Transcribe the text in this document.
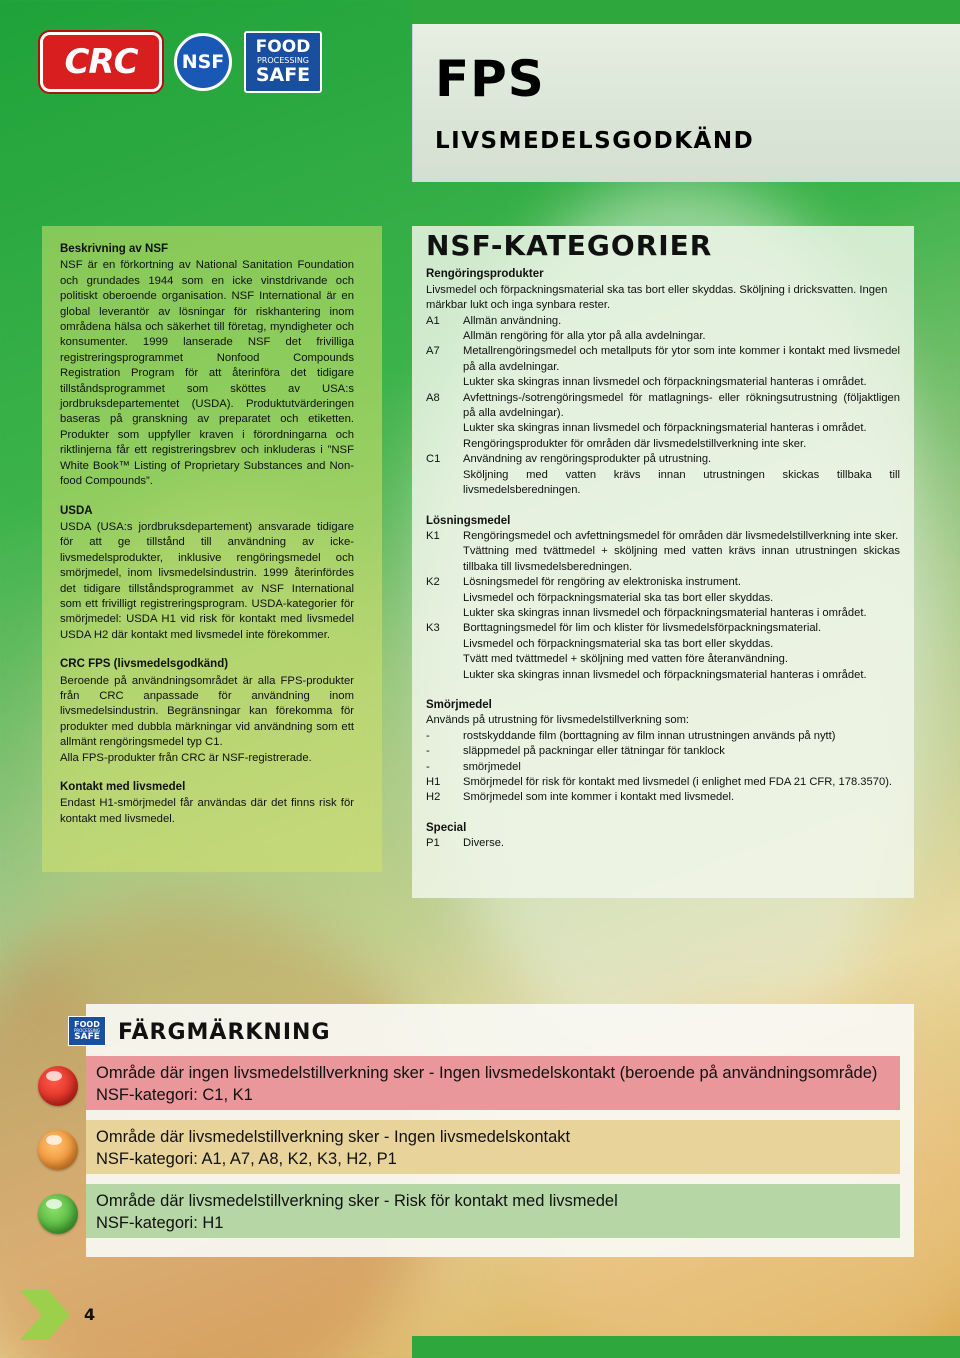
CRC	NSF
FOOD
PROCESSING
SAFE FPS
LIVSMEDELSGODKÄND
Beskrivning av NSF

NSF är en förkortning av National Sanitation Foundation och grundades 1944 som en icke vinstdrivande och politiskt oberoende organisation. NSF International är en global leverantör av lösningar för riskhantering inom områdena hälsa och säkerhet till företag, myndigheter och konsumenter. 1999 lanserade NSF det frivilliga registreringsprogrammet Nonfood Compounds Registration Program för att återinföra det tidigare tillståndsprogrammet som sköttes av USA:s jordbruksdepartementet (USDA). Produktutvärderingen baseras på granskning av preparatet och etiketten. Produkter som uppfyller kraven i förordningarna och riktlinjerna får ett registreringsbrev och inkluderas i ”NSF White Book™ Listing of Proprietary Substances and Non-food Compounds”.

USDA

USDA (USA:s jordbruksdepartement) ansvarade tidigare för att ge tillstånd till användning av icke-livsmedelsprodukter, inklusive rengöringsmedel och smörjmedel, inom livsmedelsindustrin. 1999 återinfördes det tidigare tillståndsprogrammet av NSF International som ett frivilligt registreringsprogram. USDA-kategorier för smörjmedel: USDA H1 vid risk för kontakt med livsmedel USDA H2 där kontakt med livsmedel inte förekommer.

CRC FPS (livsmedelsgodkänd)

Beroende på användningsområdet är alla FPS-produkter från CRC anpassade för användning inom livsmedelsindustrin. Begränsningar kan förekomma för produkter med dubbla märkningar vid användning som ett allmänt rengöringsmedel typ C1.

Alla FPS-produkter från CRC är NSF-registrerade.

Kontakt med livsmedel

Endast H1-smörjmedel får användas där det finns risk för kontakt med livsmedel.

NSF-KATEGORIER
Rengöringsprodukter
Livsmedel och förpackningsmaterial ska tas bort eller skyddas. Sköljning i dricksvatten. Ingen märkbar lukt och inga synbara rester.
A1	Allmän användning.
Allmän rengöring för alla ytor på alla avdelningar.
A7	Metallrengöringsmedel och metallputs för ytor som inte kommer i kontakt med livsmedel på alla avdelningar.
Lukter ska skingras innan livsmedel och förpackningsmaterial hanteras i området.
A8	Avfettnings-/sotrengöringsmedel för matlagnings- eller rökningsutrustning (följaktligen på alla avdelningar).
Lukter ska skingras innan livsmedel och förpackningsmaterial hanteras i området.
Rengöringsprodukter för områden där livsmedelstillverkning inte sker.
C1	Användning av rengöringsprodukter på utrustning.
Sköljning med vatten krävs innan utrustningen skickas tillbaka till livsmedelsberedningen.
Lösningsmedel
K1	Rengöringsmedel och avfettningsmedel för områden där livsmedelstillverkning inte sker.
Tvättning med tvättmedel + sköljning med vatten krävs innan utrustningen skickas tillbaka till livsmedelsberedningen.
K2	Lösningsmedel för rengöring av elektroniska instrument.
Livsmedel och förpackningsmaterial ska tas bort eller skyddas.
Lukter ska skingras innan livsmedel och förpackningsmaterial hanteras i området.
K3	Borttagningsmedel för lim och klister för livsmedelsförpackningsmaterial.
Livsmedel och förpackningsmaterial ska tas bort eller skyddas.
Tvätt med tvättmedel + sköljning med vatten före återanvändning.
Lukter ska skingras innan livsmedel och förpackningsmaterial hanteras i området.
Smörjmedel
Används på utrustning för livsmedelstillverkning som:
-	rostskyddande film (borttagning av film innan utrustningen används på nytt)
-	släppmedel på packningar eller tätningar för tanklock
-	smörjmedel
H1	Smörjmedel för risk för kontakt med livsmedel (i enlighet med FDA 21 CFR, 178.3570).
H2	Smörjmedel som inte kommer i kontakt med livsmedel.
Special
P1	Diverse.
FOOD
PROCESSING
SAFE FÄRGMÄRKNING
Område där ingen livsmedelstillverkning sker - Ingen livsmedelskontakt (beroende på användningsområde)
NSF-kategori: C1, K1
Område där livsmedelstillverkning sker - Ingen livsmedelskontakt
NSF-kategori: A1, A7, A8, K2, K3, H2, P1
Område där livsmedelstillverkning sker - Risk för kontakt med livsmedel
NSF-kategori: H1
4
